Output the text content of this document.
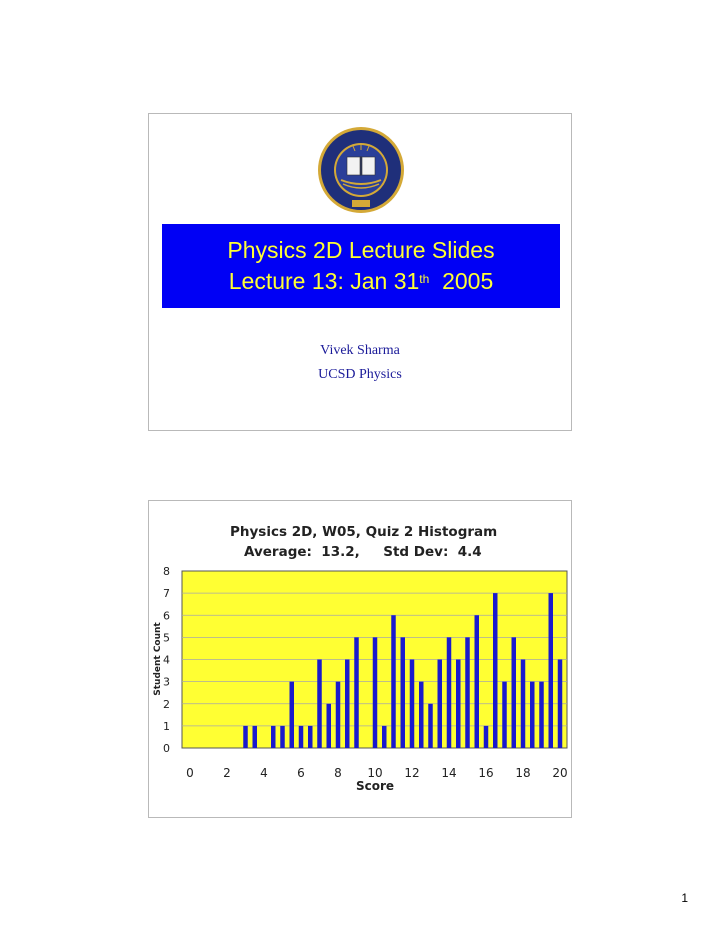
Physics 2D Lecture Slides
Lecture 13: Jan 31th  2005
Vivek Sharma
UCSD Physics
Physics 2D, W05, Quiz 2 Histogram
Average:  13.2,     Std Dev:  4.4
0
1
2
3
4
5
6
7
8
0 2 4 6 8 10 12 14 16 18 20
Student Count
Score
1
